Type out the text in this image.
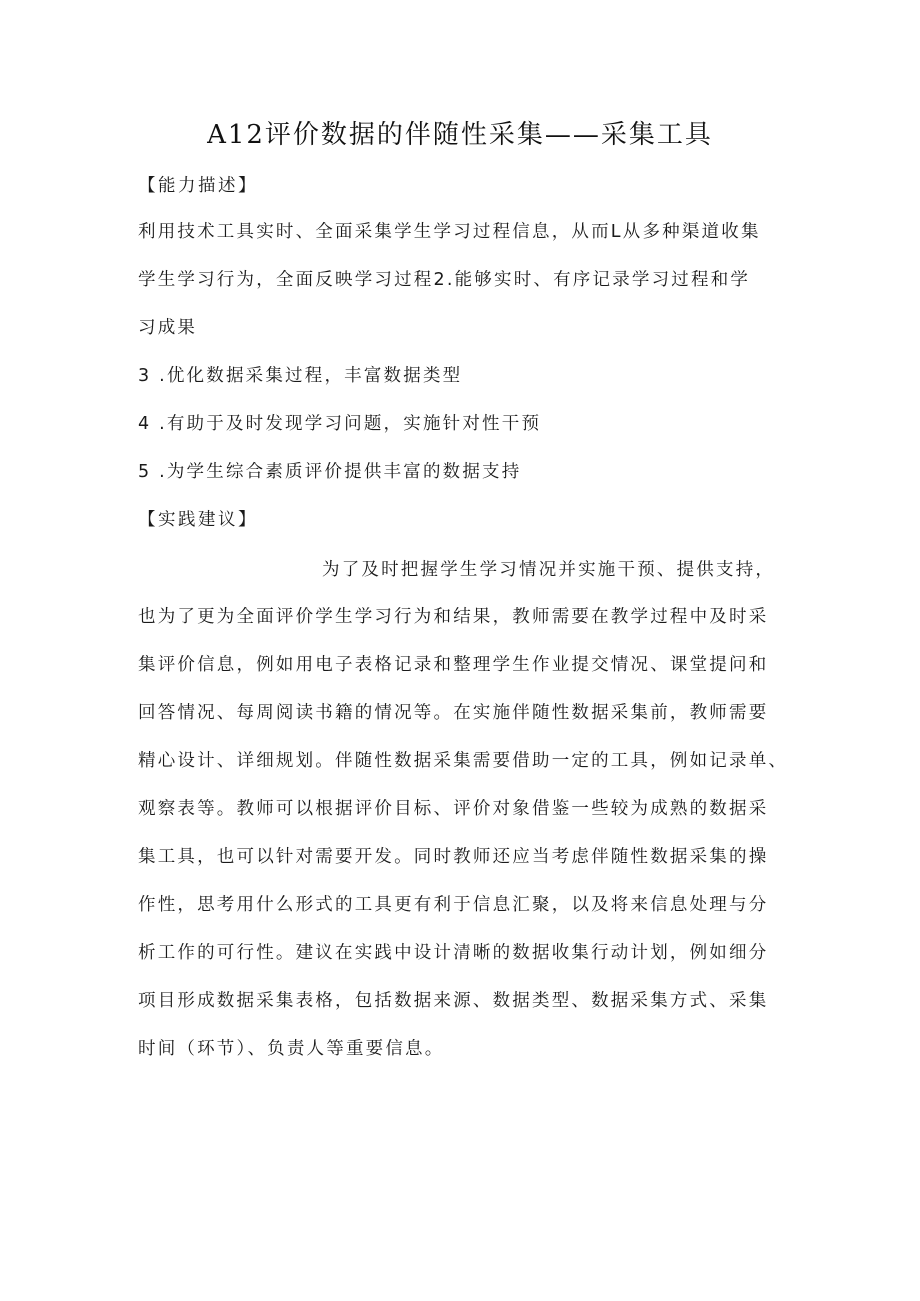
A12评价数据的伴随性采集——采集工具
【能力描述】
利用技术工具实时、全面采集学生学习过程信息，从而L从多种渠道收集
学生学习行为，全面反映学习过程2.能够实时、有序记录学习过程和学
习成果
3 .优化数据采集过程，丰富数据类型
4 .有助于及时发现学习问题，实施针对性干预
5 .为学生综合素质评价提供丰富的数据支持
【实践建议】
为了及时把握学生学习情况并实施干预、提供支持，
也为了更为全面评价学生学习行为和结果，教师需要在教学过程中及时采
集评价信息，例如用电子表格记录和整理学生作业提交情况、课堂提问和
回答情况、每周阅读书籍的情况等。在实施伴随性数据采集前，教师需要
精心设计、详细规划。伴随性数据采集需要借助一定的工具，例如记录单、
观察表等。教师可以根据评价目标、评价对象借鉴一些较为成熟的数据采
集工具，也可以针对需要开发。同时教师还应当考虑伴随性数据采集的操
作性，思考用什么形式的工具更有利于信息汇聚，以及将来信息处理与分
析工作的可行性。建议在实践中设计清晰的数据收集行动计划，例如细分
项目形成数据采集表格，包括数据来源、数据类型、数据采集方式、采集
时间（环节）、负责人等重要信息。
